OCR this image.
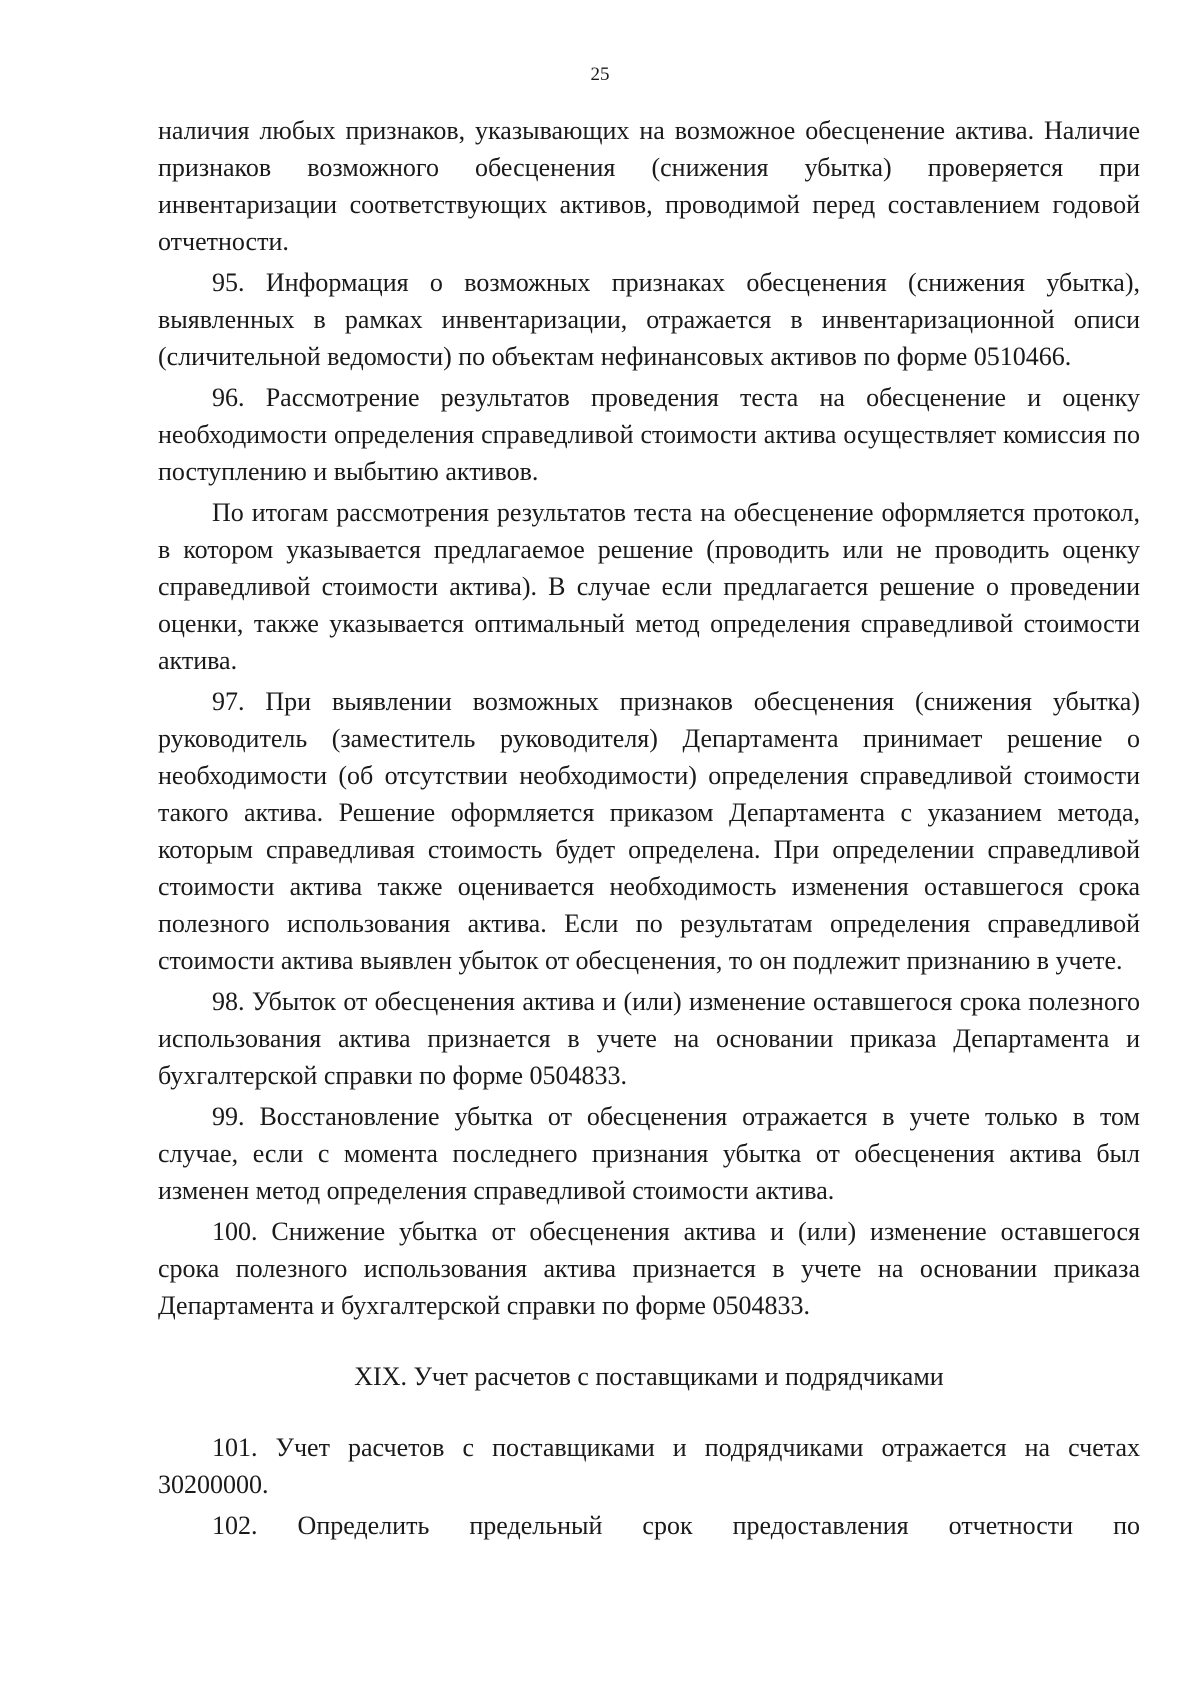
25

наличия любых признаков, указывающих на возможное обесценение актива. Наличие признаков возможного обесценения (снижения убытка) проверяется при инвентаризации соответствующих активов, проводимой перед составлением годовой отчетности.

95. Информация о возможных признаках обесценения (снижения убытка), выявленных в рамках инвентаризации, отражается в инвентаризационной описи (сличительной ведомости) по объектам нефинансовых активов по форме 0510466.

96. Рассмотрение результатов проведения теста на обесценение и оценку необходимости определения справедливой стоимости актива осуществляет комиссия по поступлению и выбытию активов.

По итогам рассмотрения результатов теста на обесценение оформляется протокол, в котором указывается предлагаемое решение (проводить или не проводить оценку справедливой стоимости актива). В случае если предлагается решение о проведении оценки, также указывается оптимальный метод определения справедливой стоимости актива.

97. При выявлении возможных признаков обесценения (снижения убытка) руководитель (заместитель руководителя) Департамента принимает решение о необходимости (об отсутствии необходимости) определения справедливой стоимости такого актива. Решение оформляется приказом Департамента с указанием метода, которым справедливая стоимость будет определена. При определении справедливой стоимости актива также оценивается необходимость изменения оставшегося срока полезного использования актива. Если по результатам определения справедливой стоимости актива выявлен убыток от обесценения, то он подлежит признанию в учете.

98. Убыток от обесценения актива и (или) изменение оставшегося срока полезного использования актива признается в учете на основании приказа Департамента и бухгалтерской справки по форме 0504833.

99. Восстановление убытка от обесценения отражается в учете только в том случае, если с момента последнего признания убытка от обесценения актива был изменен метод определения справедливой стоимости актива.

100. Снижение убытка от обесценения актива и (или) изменение оставшегося срока полезного использования актива признается в учете на основании приказа Департамента и бухгалтерской справки по форме 0504833.

XIX. Учет расчетов с поставщиками и подрядчиками

101. Учет расчетов с поставщиками и подрядчиками отражается на счетах 30200000.

102. Определить предельный срок предоставления отчетности по
